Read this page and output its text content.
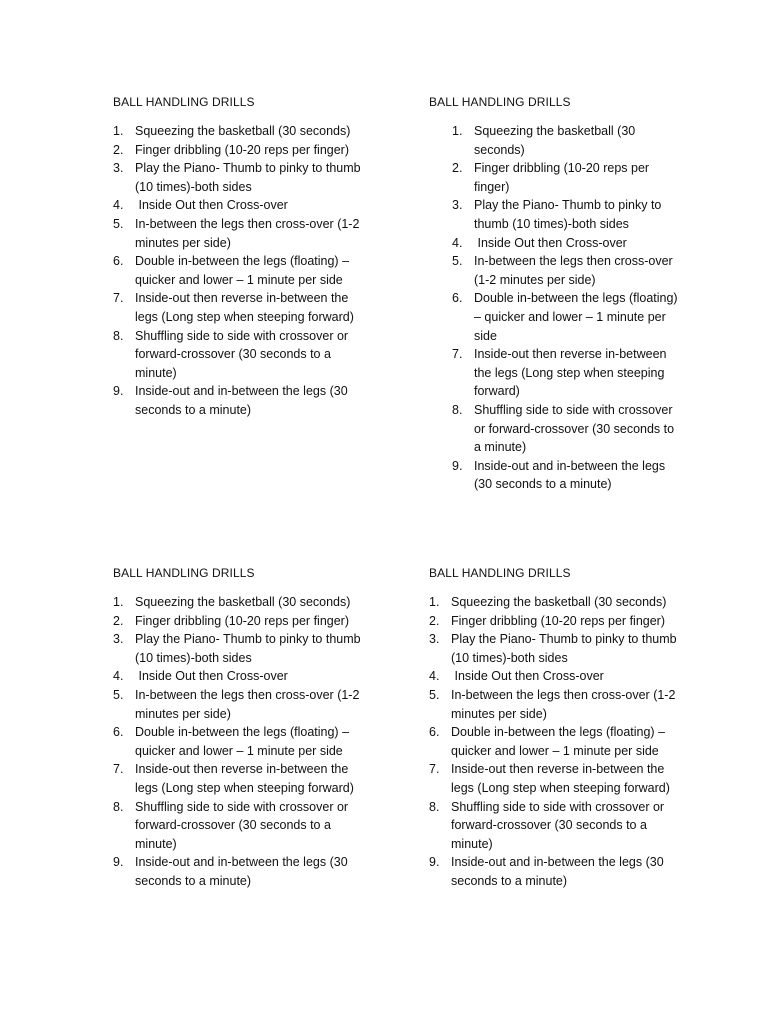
BALL HANDLING DRILLS

1. Squeezing the basketball (30 seconds)
2. Finger dribbling (10-20 reps per finger)
3. Play the Piano- Thumb to pinky to thumb (10 times)-both sides
4. Inside Out then Cross-over
5. In-between the legs then cross-over (1-2 minutes per side)
6. Double in-between the legs (floating) – quicker and lower – 1 minute per side
7. Inside-out then reverse in-between the legs (Long step when steeping forward)
8. Shuffling side to side with crossover or forward-crossover (30 seconds to a minute)
9. Inside-out and in-between the legs (30 seconds to a minute)

BALL HANDLING DRILLS

1. Squeezing the basketball (30 seconds)
2. Finger dribbling (10-20 reps per finger)
3. Play the Piano- Thumb to pinky to thumb (10 times)-both sides
4. Inside Out then Cross-over
5. In-between the legs then cross-over (1-2 minutes per side)
6. Double in-between the legs (floating) – quicker and lower – 1 minute per side
7. Inside-out then reverse in-between the legs (Long step when steeping forward)
8. Shuffling side to side with crossover or forward-crossover (30 seconds to a minute)
9. Inside-out and in-between the legs (30 seconds to a minute)

BALL HANDLING DRILLS

1. Squeezing the basketball (30 seconds)
2. Finger dribbling (10-20 reps per finger)
3. Play the Piano- Thumb to pinky to thumb (10 times)-both sides
4. Inside Out then Cross-over
5. In-between the legs then cross-over (1-2 minutes per side)
6. Double in-between the legs (floating) – quicker and lower – 1 minute per side
7. Inside-out then reverse in-between the legs (Long step when steeping forward)
8. Shuffling side to side with crossover or forward-crossover (30 seconds to a minute)
9. Inside-out and in-between the legs (30 seconds to a minute)

BALL HANDLING DRILLS

1. Squeezing the basketball (30 seconds)
2. Finger dribbling (10-20 reps per finger)
3. Play the Piano- Thumb to pinky to thumb (10 times)-both sides
4. Inside Out then Cross-over
5. In-between the legs then cross-over (1-2 minutes per side)
6. Double in-between the legs (floating) – quicker and lower – 1 minute per side
7. Inside-out then reverse in-between the legs (Long step when steeping forward)
8. Shuffling side to side with crossover or forward-crossover (30 seconds to a minute)
9. Inside-out and in-between the legs (30 seconds to a minute)
